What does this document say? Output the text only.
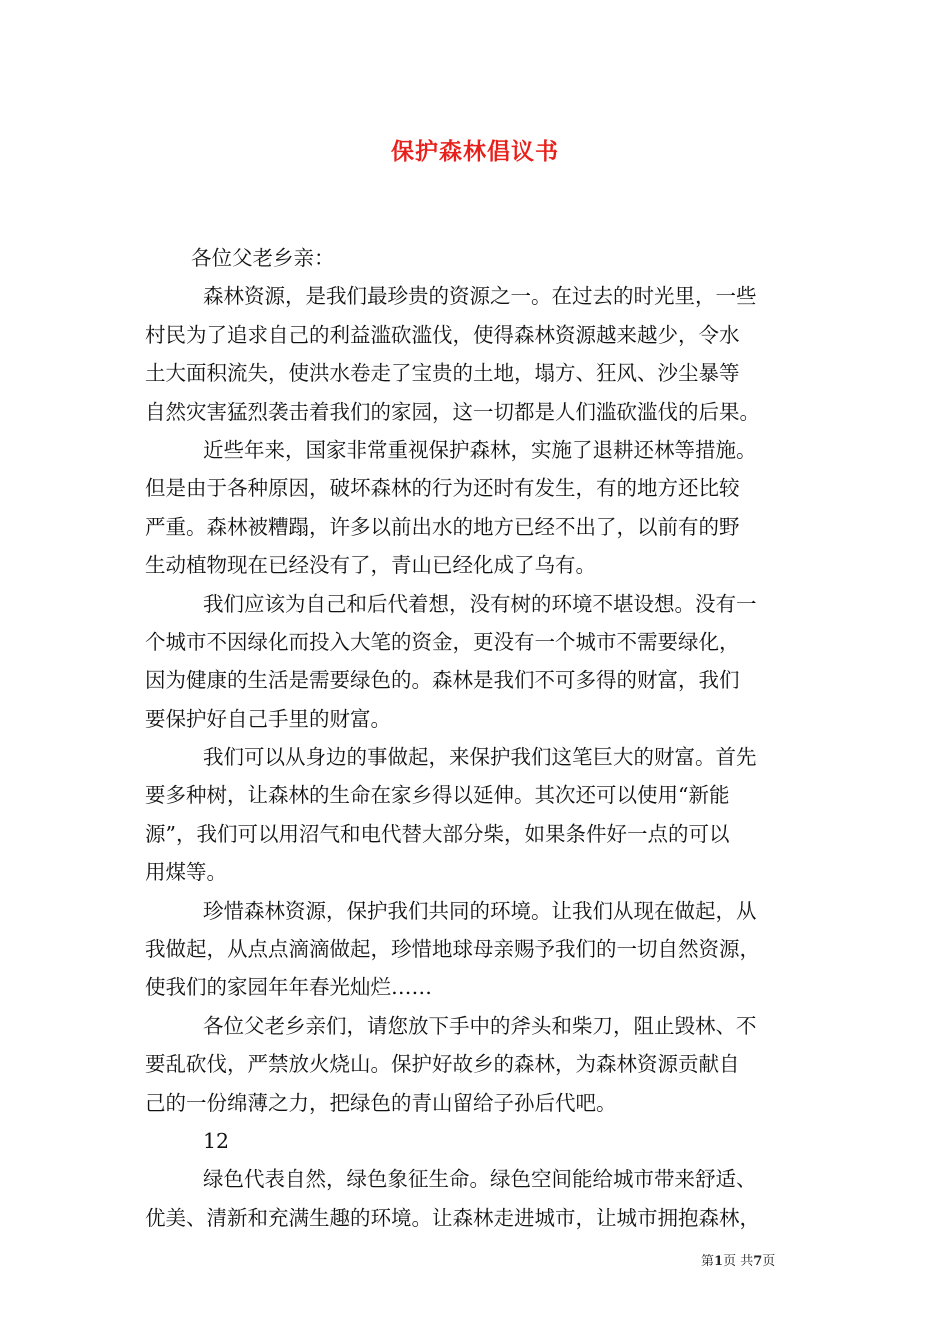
保护森林倡议书

各位父老乡亲：

森林资源，是我们最珍贵的资源之一。在过去的时光里，一些

村民为了追求自己的利益滥砍滥伐，使得森林资源越来越少，令水

土大面积流失，使洪水卷走了宝贵的土地，塌方、狂风、沙尘暴等

自然灾害猛烈袭击着我们的家园，这一切都是人们滥砍滥伐的后果。

近些年来，国家非常重视保护森林，实施了退耕还林等措施。

但是由于各种原因，破坏森林的行为还时有发生，有的地方还比较

严重。森林被糟蹋，许多以前出水的地方已经不出了，以前有的野

生动植物现在已经没有了，青山已经化成了乌有。

我们应该为自己和后代着想，没有树的环境不堪设想。没有一

个城市不因绿化而投入大笔的资金，更没有一个城市不需要绿化，

因为健康的生活是需要绿色的。森林是我们不可多得的财富，我们

要保护好自己手里的财富。

我们可以从身边的事做起，来保护我们这笔巨大的财富。首先

要多种树，让森林的生命在家乡得以延伸。其次还可以使用“新能

源”，我们可以用沼气和电代替大部分柴，如果条件好一点的可以

用煤等。

珍惜森林资源，保护我们共同的环境。让我们从现在做起，从

我做起，从点点滴滴做起，珍惜地球母亲赐予我们的一切自然资源，

使我们的家园年年春光灿烂……

各位父老乡亲们，请您放下手中的斧头和柴刀，阻止毁林、不

要乱砍伐，严禁放火烧山。保护好故乡的森林，为森林资源贡献自

己的一份绵薄之力，把绿色的青山留给子孙后代吧。

12

绿色代表自然，绿色象征生命。绿色空间能给城市带来舒适、

优美、清新和充满生趣的环境。让森林走进城市，让城市拥抱森林，

第1页 共7页
